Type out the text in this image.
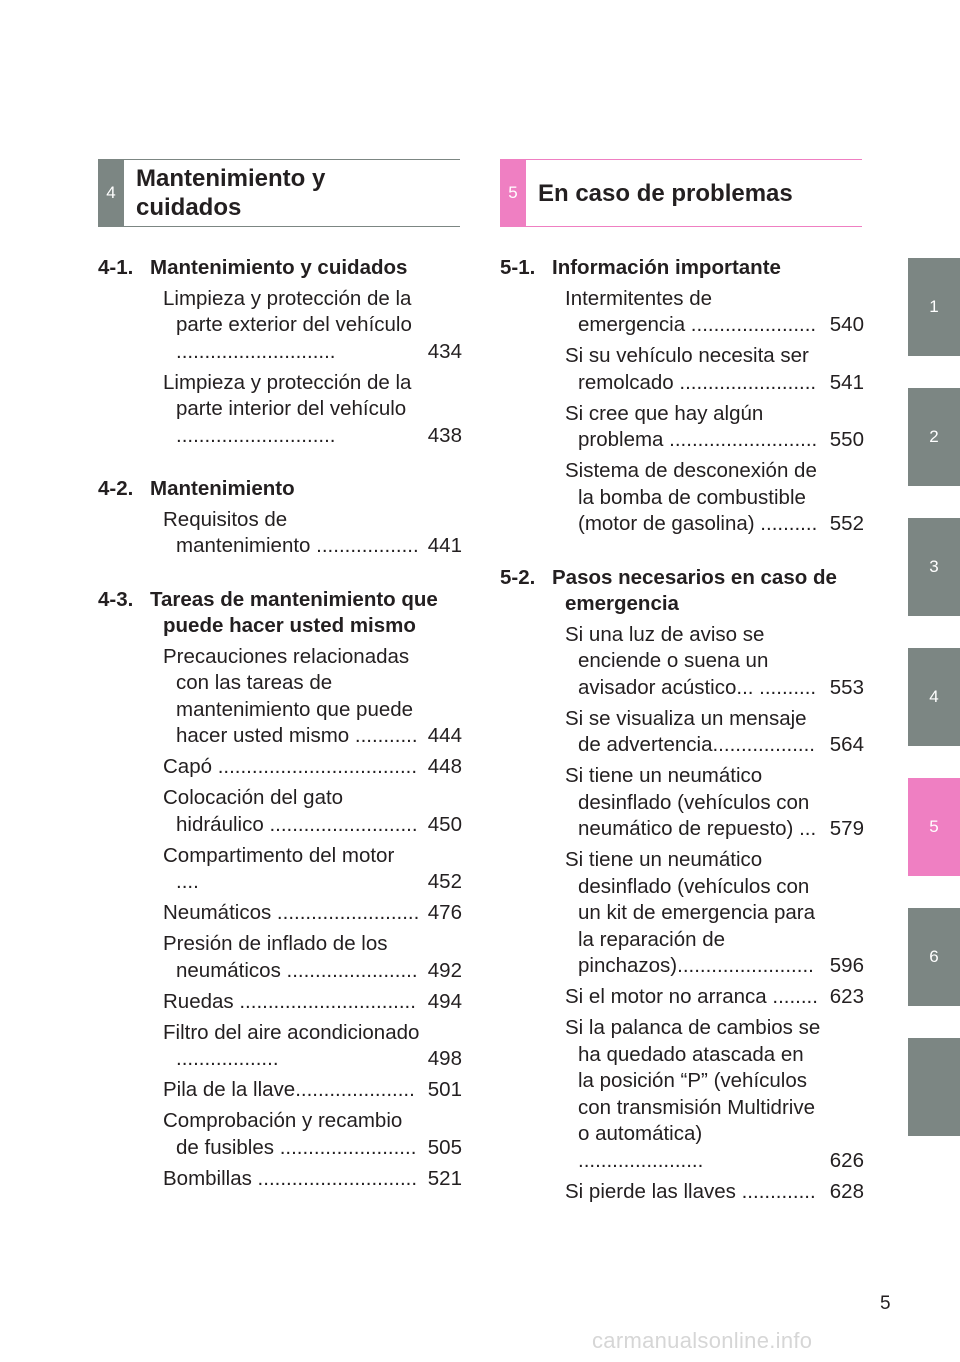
4
Mantenimiento y
cuidados
5 En caso de problemas
4-1. Mantenimiento y cuidados
Limpieza y protección de la parte exterior del vehículo ............................	434
Limpieza y protección de la parte interior del vehículo ............................	438
4-2. Mantenimiento
Requisitos de mantenimiento .................. 441
4-3. Tareas de mantenimiento que puede hacer usted mismo
Precauciones relacionadas con las tareas de mantenimiento que puede hacer usted mismo ........... 444
Capó ................................... 448
Colocación del gato hidráulico .......................... 450
Compartimento del motor ....	452
Neumáticos ......................... 476
Presión de inflado de los neumáticos ....................... 492
Ruedas ............................... 494
Filtro del aire acondicionado ..................	498
Pila de la llave..................... 501
Comprobación y recambio de fusibles ........................ 505
Bombillas ............................ 521
5-1. Información importante
Intermitentes de emergencia ...................... 540
Si su vehículo necesita ser remolcado ........................ 541
Si cree que hay algún problema .......................... 550
Sistema de desconexión de la bomba de combustible (motor de gasolina) .......... 552
5-2. Pasos necesarios en caso de emergencia
Si una luz de aviso se enciende o suena un avisador acústico... .......... 553
Si se visualiza un mensaje de advertencia.................. 564
Si tiene un neumático desinflado (vehículos con neumático de repuesto) ... 579
Si tiene un neumático desinflado (vehículos con un kit de emergencia para la reparación de pinchazos)........................ 596
Si el motor no arranca ........ 623
Si la palanca de cambios se ha quedado atascada en la posición “P” (vehículos con transmisión Multidrive o automática) ......................	626
Si pierde las llaves ............. 628
1
2
3
4
5
6
5
carmanualsonline.info
